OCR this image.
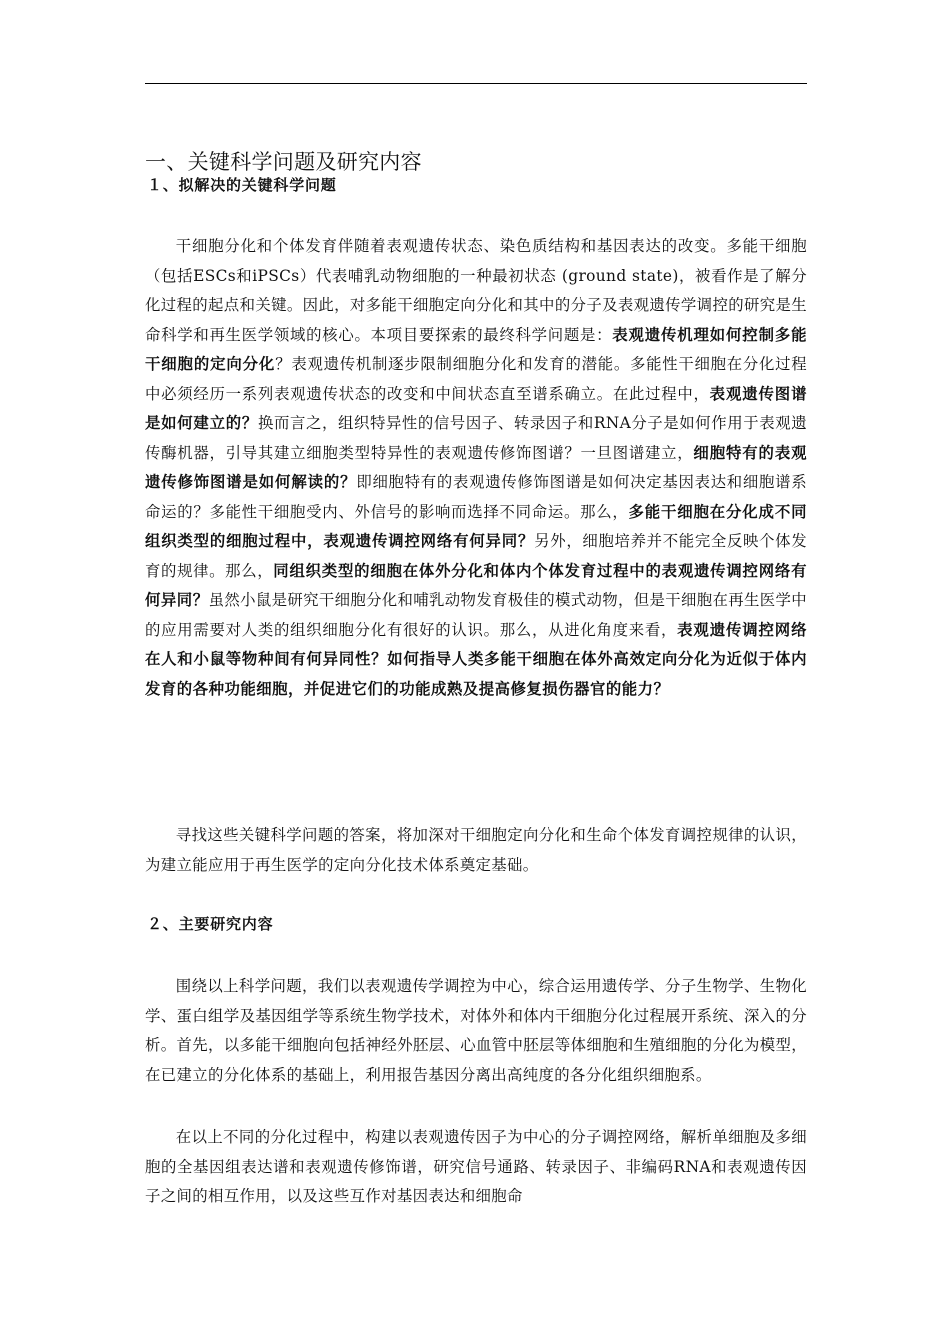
一、关键科学问题及研究内容
１、拟解决的关键科学问题
干细胞分化和个体发育伴随着表观遗传状态、染色质结构和基因表达的改变。多能干细胞（包括ESCs和iPSCs）代表哺乳动物细胞的一种最初状态 (ground state)，被看作是了解分化过程的起点和关键。因此，对多能干细胞定向分化和其中的分子及表观遗传学调控的研究是生命科学和再生医学领域的核心。本项目要探索的最终科学问题是：表观遗传机理如何控制多能干细胞的定向分化？表观遗传机制逐步限制细胞分化和发育的潜能。多能性干细胞在分化过程中必须经历一系列表观遗传状态的改变和中间状态直至谱系确立。在此过程中，表观遗传图谱是如何建立的？换而言之，组织特异性的信号因子、转录因子和RNA分子是如何作用于表观遗传酶机器，引导其建立细胞类型特异性的表观遗传修饰图谱？一旦图谱建立，细胞特有的表观遗传修饰图谱是如何解读的？即细胞特有的表观遗传修饰图谱是如何决定基因表达和细胞谱系命运的？多能性干细胞受内、外信号的影响而选择不同命运。那么，多能干细胞在分化成不同组织类型的细胞过程中，表观遗传调控网络有何异同？另外，细胞培养并不能完全反映个体发育的规律。那么，同组织类型的细胞在体外分化和体内个体发育过程中的表观遗传调控网络有何异同？虽然小鼠是研究干细胞分化和哺乳动物发育极佳的模式动物，但是干细胞在再生医学中的应用需要对人类的组织细胞分化有很好的认识。那么，从进化角度来看，表观遗传调控网络在人和小鼠等物种间有何异同性？如何指导人类多能干细胞在体外高效定向分化为近似于体内发育的各种功能细胞，并促进它们的功能成熟及提高修复损伤器官的能力？
寻找这些关键科学问题的答案，将加深对干细胞定向分化和生命个体发育调控规律的认识，为建立能应用于再生医学的定向分化技术体系奠定基础。
２、主要研究内容
围绕以上科学问题，我们以表观遗传学调控为中心，综合运用遗传学、分子生物学、生物化学、蛋白组学及基因组学等系统生物学技术，对体外和体内干细胞分化过程展开系统、深入的分析。首先，以多能干细胞向包括神经外胚层、心血管中胚层等体细胞和生殖细胞的分化为模型，在已建立的分化体系的基础上，利用报告基因分离出高纯度的各分化组织细胞系。
在以上不同的分化过程中，构建以表观遗传因子为中心的分子调控网络，解析单细胞及多细胞的全基因组表达谱和表观遗传修饰谱，研究信号通路、转录因子、非编码RNA和表观遗传因子之间的相互作用，以及这些互作对基因表达和细胞命
